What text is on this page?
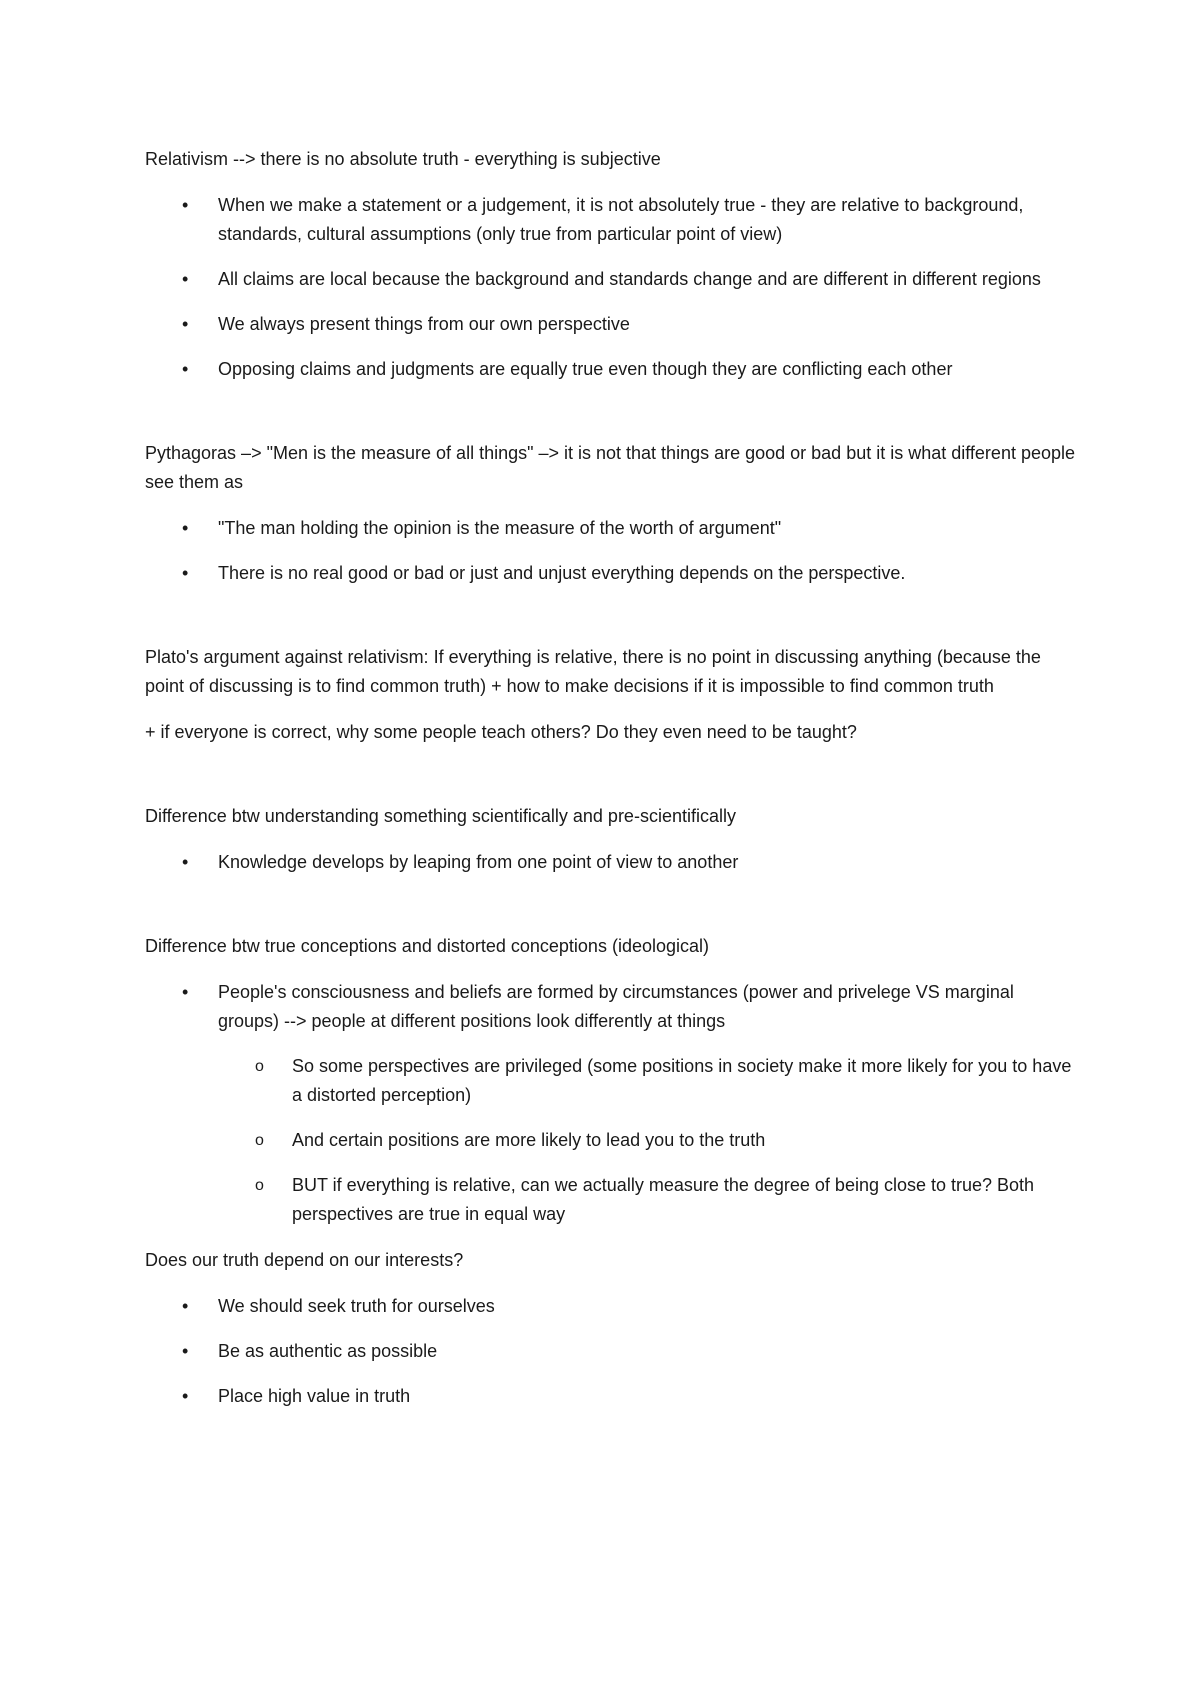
Relativism --> there is no absolute truth - everything is subjective

• When we make a statement or a judgement, it is not absolutely true - they are relative to background, standards, cultural assumptions (only true from particular point of view)
• All claims are local because the background and standards change and are different in different regions
• We always present things from our own perspective
• Opposing claims and judgments are equally true even though they are conflicting each other

Pythagoras –> "Men is the measure of all things" –> it is not that things are good or bad but it is what different people see them as

• "The man holding the opinion is the measure of the worth of argument"
• There is no real good or bad or just and unjust everything depends on the perspective.

Plato's argument against relativism: If everything is relative, there is no point in discussing anything (because the point of discussing is to find common truth) + how to make decisions if it is impossible to find common truth

+ if everyone is correct, why some people teach others? Do they even need to be taught?

Difference btw understanding something scientifically and pre-scientifically

• Knowledge develops by leaping from one point of view to another

Difference btw true conceptions and distorted conceptions (ideological)

• People's consciousness and beliefs are formed by circumstances (power and privelege VS marginal groups) --> people at different positions look differently at things
o So some perspectives are privileged (some positions in society make it more likely for you to have a distorted perception)
o And certain positions are more likely to lead you to the truth
o BUT if everything is relative, can we actually measure the degree of being close to true? Both perspectives are true in equal way

Does our truth depend on our interests?

• We should seek truth for ourselves
• Be as authentic as possible
• Place high value in truth
